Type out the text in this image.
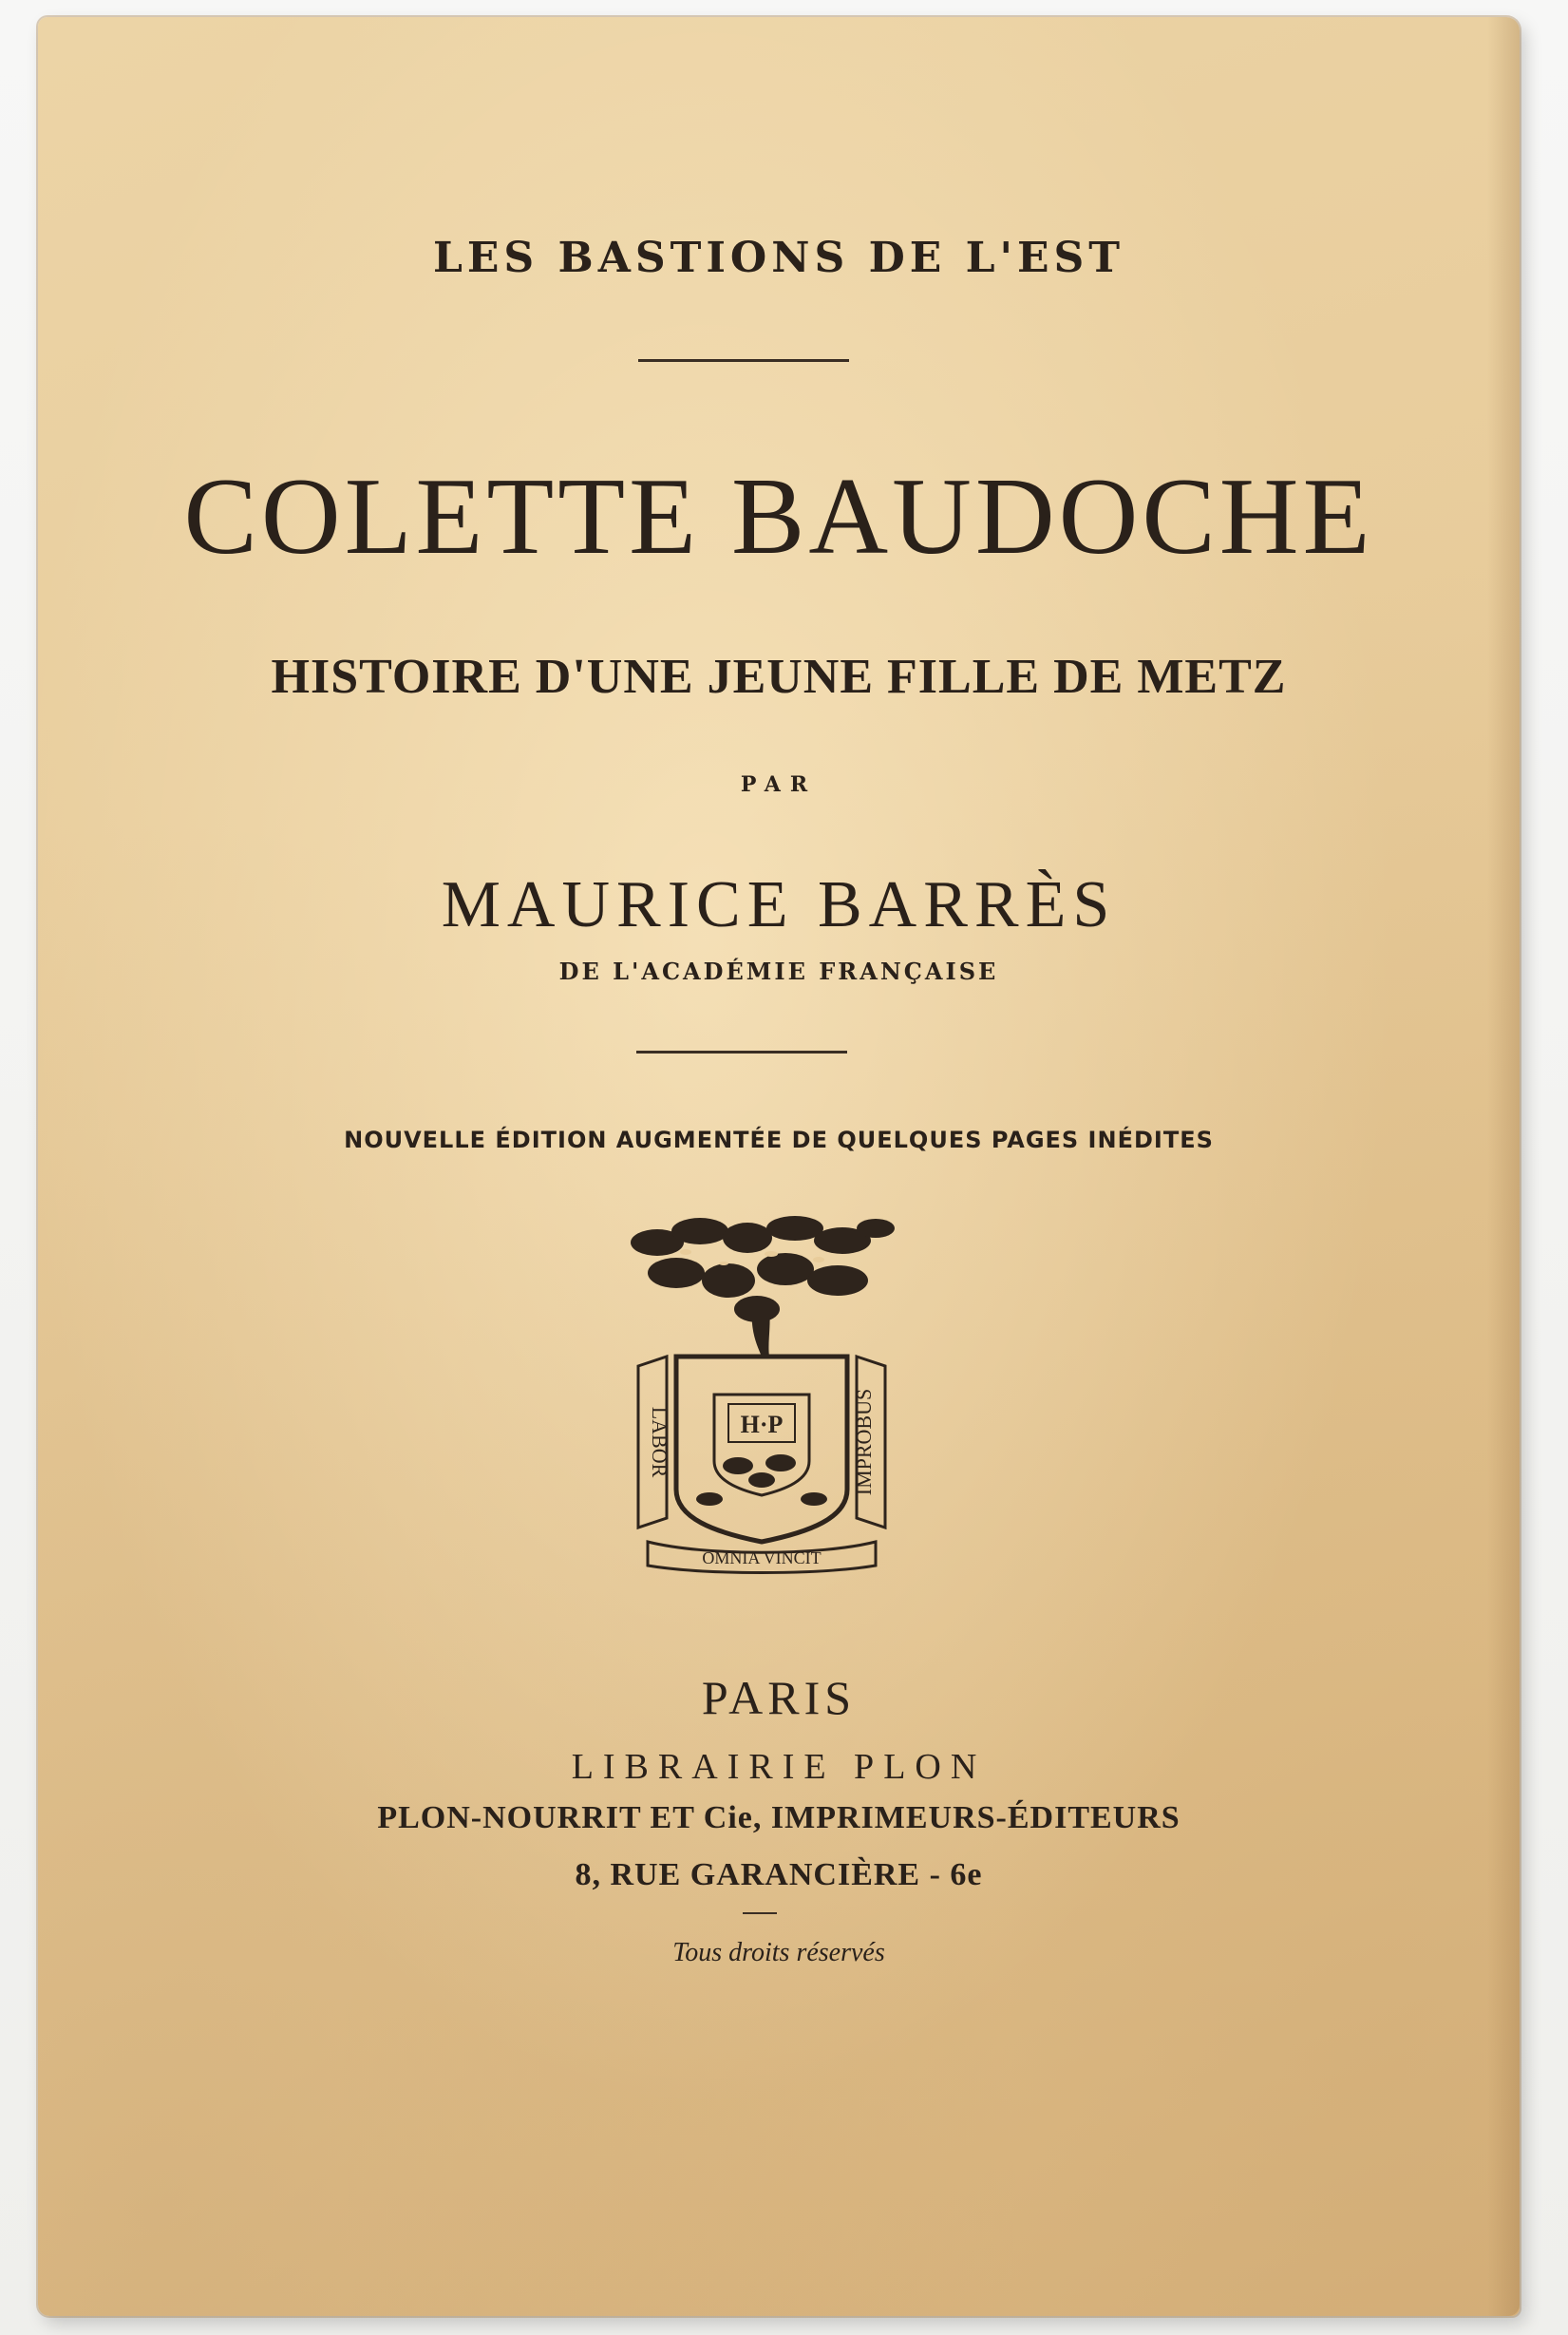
LES BASTIONS DE L'EST
COLETTE BAUDOCHE
HISTOIRE D'UNE JEUNE FILLE DE METZ
PAR
MAURICE BARRÈS
DE L'ACADÉMIE FRANÇAISE
NOUVELLE ÉDITION AUGMENTÉE DE QUELQUES PAGES INÉDITES
H·P
LABOR	IMPROBUS
OMNIA VINCIT
PARIS
LIBRAIRIE PLON
PLON-NOURRIT ET Cie, IMPRIMEURS-ÉDITEURS
8, RUE GARANCIÈRE - 6e
Tous droits réservés
